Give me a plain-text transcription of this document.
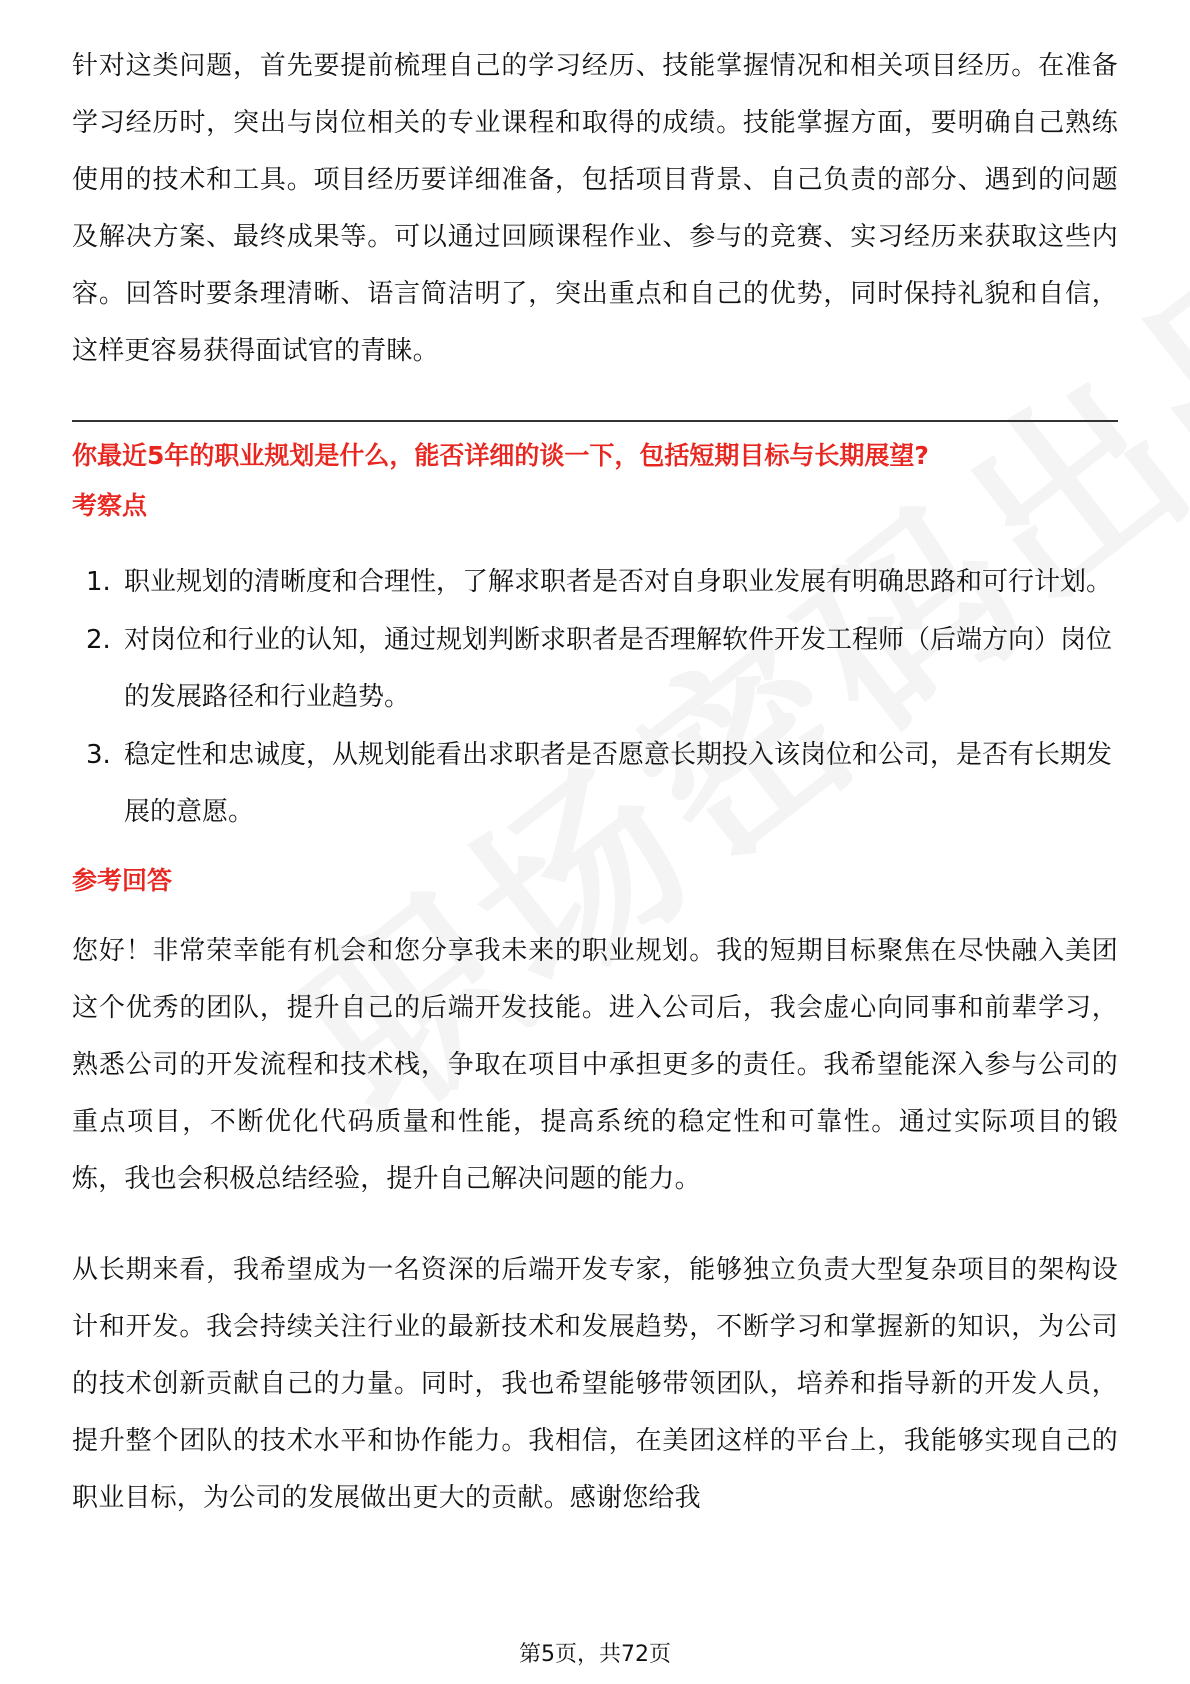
针对这类问题，首先要提前梳理自己的学习经历、技能掌握情况和相关项目经历。在准备学习经历时，突出与岗位相关的专业课程和取得的成绩。技能掌握方面，要明确自己熟练使用的技术和工具。项目经历要详细准备，包括项目背景、自己负责的部分、遇到的问题及解决方案、最终成果等。可以通过回顾课程作业、参与的竞赛、实习经历来获取这些内容。回答时要条理清晰、语言简洁明了，突出重点和自己的优势，同时保持礼貌和自信，这样更容易获得面试官的青睐。

你最近5年的职业规划是什么，能否详细的谈一下，包括短期目标与长期展望?

考察点

1. 职业规划的清晰度和合理性，了解求职者是否对自身职业发展有明确思路和可行计划。
2. 对岗位和行业的认知，通过规划判断求职者是否理解软件开发工程师（后端方向）岗位的发展路径和行业趋势。
3. 稳定性和忠诚度，从规划能看出求职者是否愿意长期投入该岗位和公司，是否有长期发展的意愿。

参考回答

您好！非常荣幸能有机会和您分享我未来的职业规划。我的短期目标聚焦在尽快融入美团这个优秀的团队，提升自己的后端开发技能。进入公司后，我会虚心向同事和前辈学习，熟悉公司的开发流程和技术栈，争取在项目中承担更多的责任。我希望能深入参与公司的重点项目，不断优化代码质量和性能，提高系统的稳定性和可靠性。通过实际项目的锻炼，我也会积极总结经验，提升自己解决问题的能力。

从长期来看，我希望成为一名资深的后端开发专家，能够独立负责大型复杂项目的架构设计和开发。我会持续关注行业的最新技术和发展趋势，不断学习和掌握新的知识，为公司的技术创新贡献自己的力量。同时，我也希望能够带领团队，培养和指导新的开发人员，提升整个团队的技术水平和协作能力。我相信，在美团这样的平台上，我能够实现自己的职业目标，为公司的发展做出更大的贡献。感谢您给我

第5页，共72页
